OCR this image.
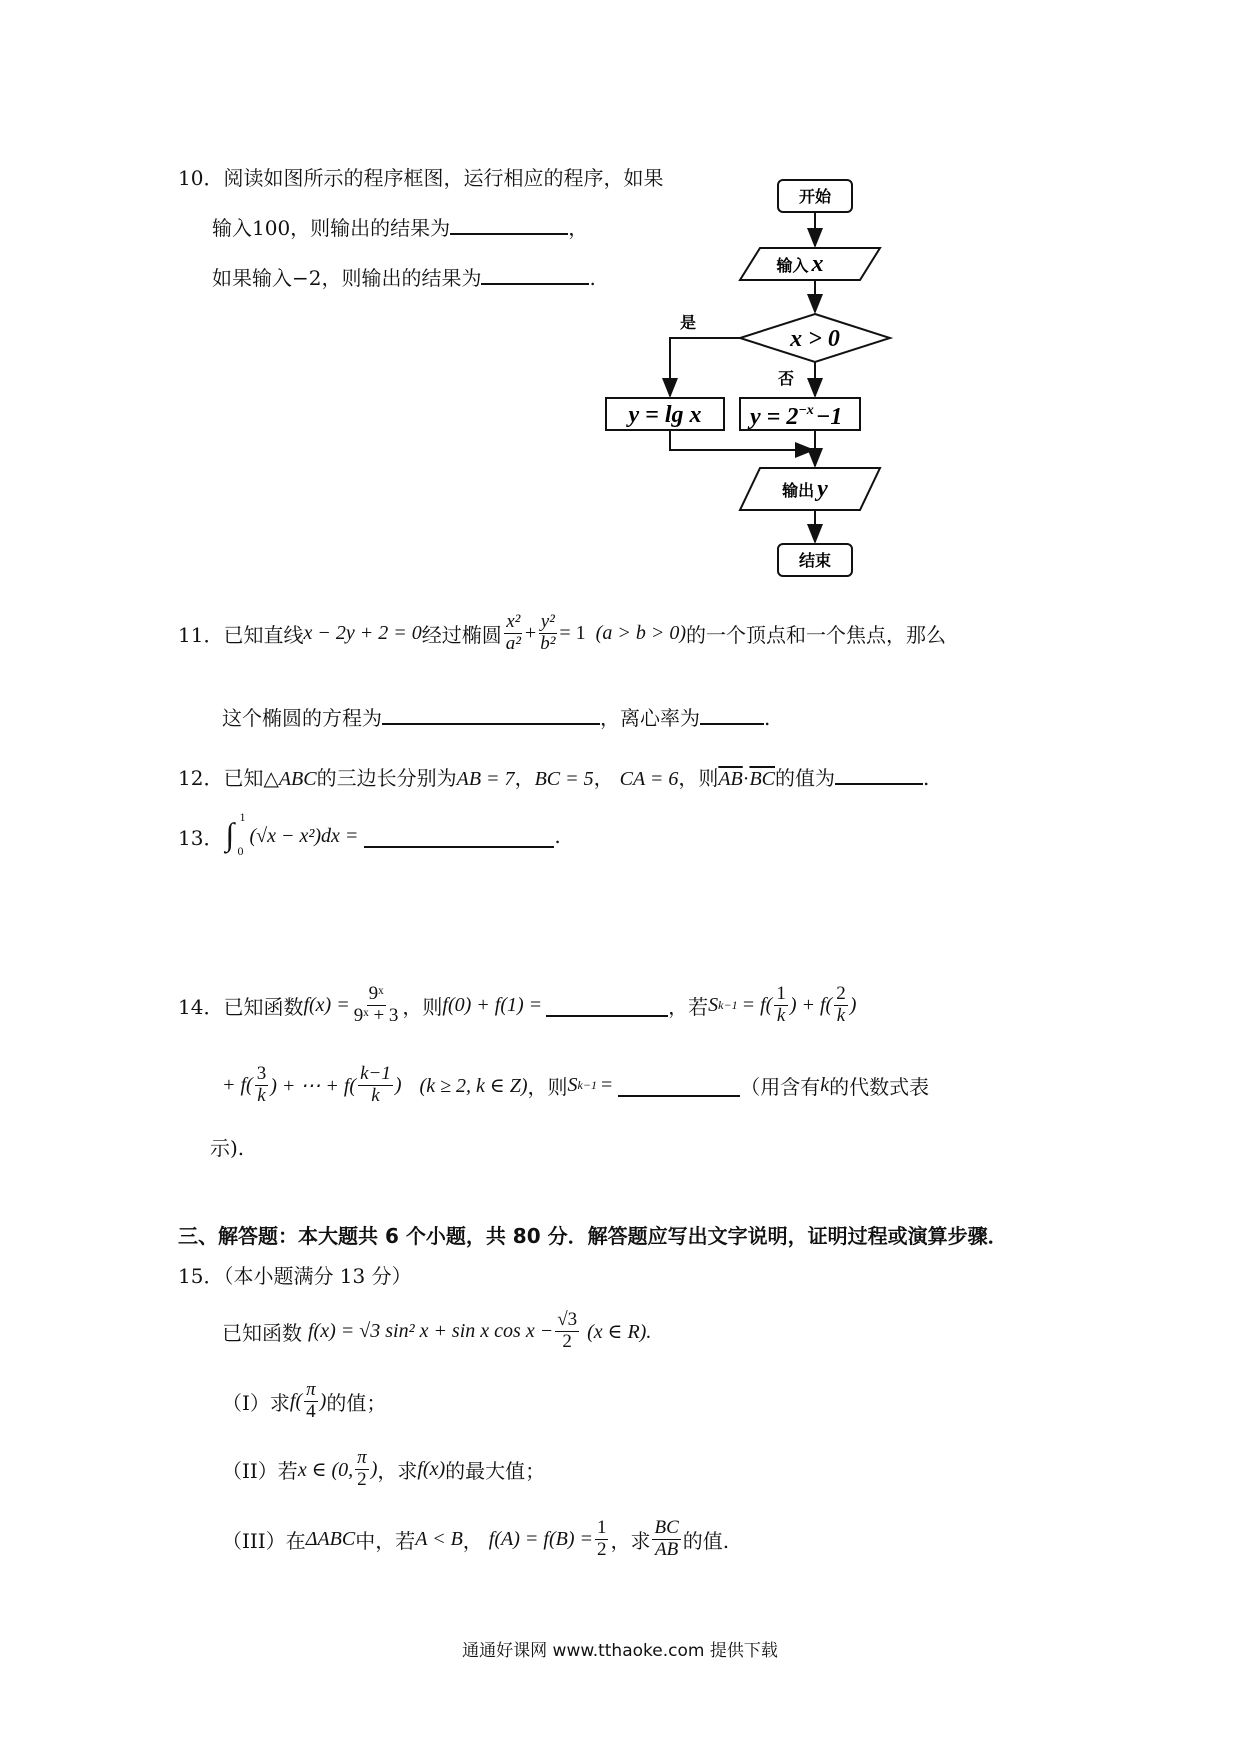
10．阅读如图所示的程序框图，运行相应的程序，如果
输入100，则输出的结果为	，
如果输入−2，则输出的结果为	.
开始
输入 x
x > 0
是
否
y = lg x $y = 2^{-x}-1$
输出 y
结束
11．已知直线 x − 2y + 2 = 0 经过椭圆 $\frac{\text{x²}}{\text{a²}} + \frac{\text{y²}}{\text{b²}} = 1$ (a > b > 0) 的一个顶点和一个焦点，那么
这个椭圆的方程为	，离心率为	.
12．已知△ABC的三边长分别为AB = 7，BC = 5， CA = 6，则$\overline{AB}\cdot\overline{BC}$的值为	.
13． ∫ 1
0
(√x − x²)dx =	.
14．已知函数 $f(x) = \frac{\text{9ˣ}}{\text{9ˣ + 3}}$ ，则 f(0) + f(1) =	，若 S $k-1 = f( \frac{1}{k}$ ) + $f( \frac{2}{k}$ )
+ $f( \frac{3}{k}$ ) + ⋯ + $f( \frac{k-1}{k}$ ) (k ≥ 2, k ∈ Z) ，则 S k−1 =	（用含有 k 的代数式表
示).
三、解答题：本大题共 6 个小题，共 80 分．解答题应写出文字说明，证明过程或演算步骤．
15．（本小题满分 13 分）
已知函数 f(x) = √3 sin² x + sin x $\cos x - \frac{√3}{2} (x$ ∈ R).
（I）求 $f( \frac{\pi}{4}$ ) 的值；
（II）若 x ∈ (0, $\frac{\pi}{2}$ ) ，求 f(x) 的最大值；
（III）在 ΔABC 中，若 A < B ， $f(A) = f(B) = \frac{1}{2}$ ，求 $\frac{BC}{AB}$ 的值.
通通好课网 www.tthaoke.com 提供下载
